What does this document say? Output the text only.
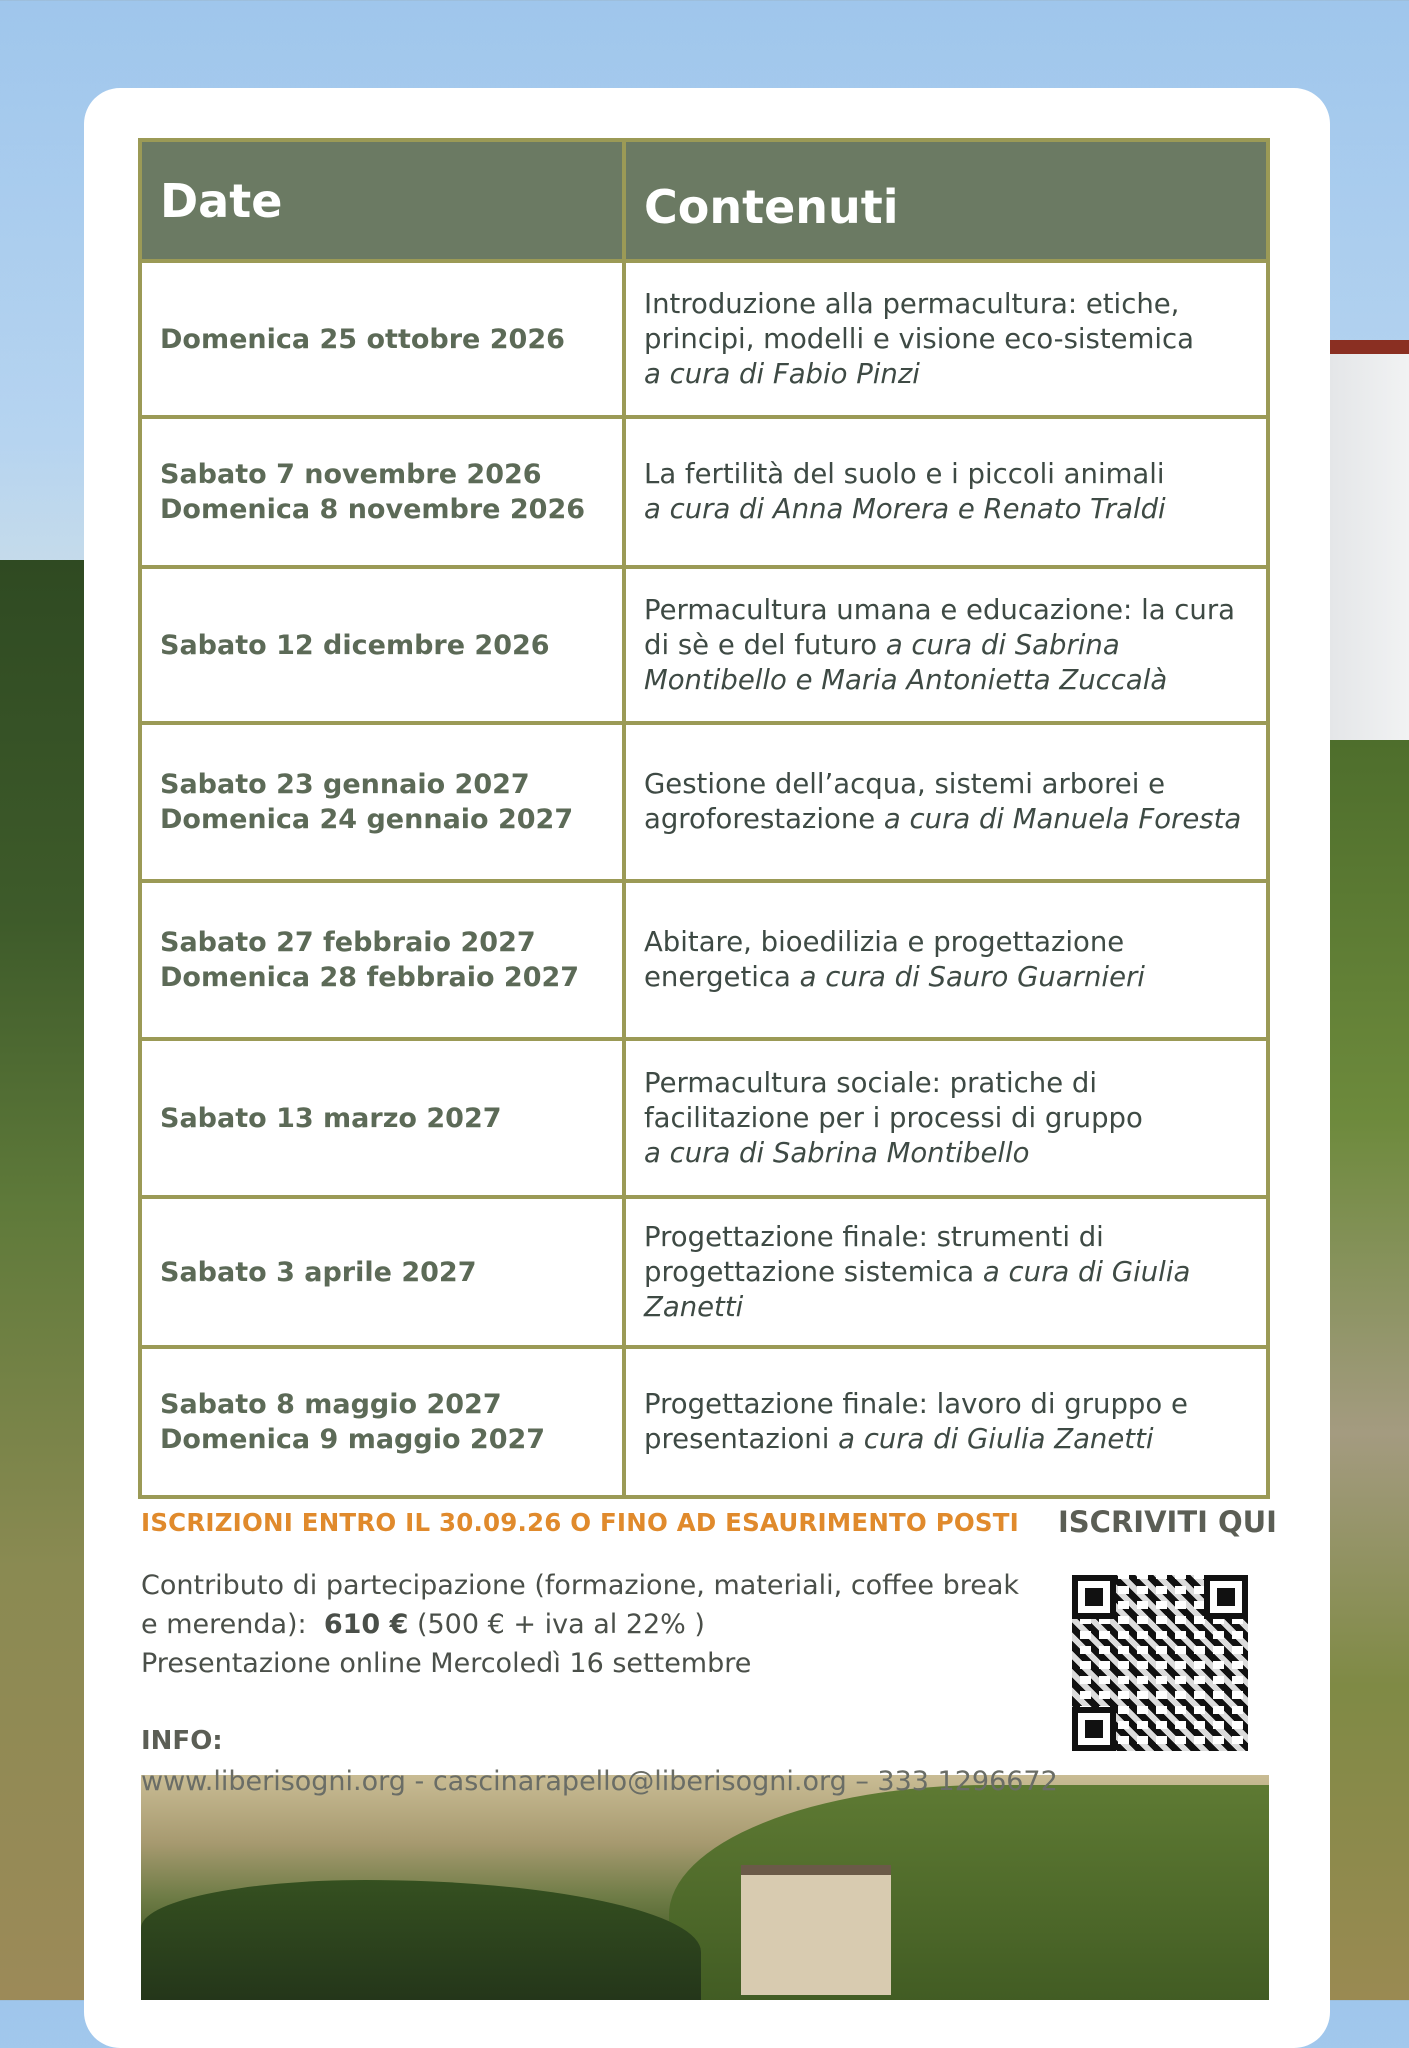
Date	Contenuti

Domenica 25 ottobre 2026	Introduzione alla permacultura: etiche,
principi, modelli e visione eco-sistemica
a cura di Fabio Pinzi

Sabato 7 novembre 2026
Domenica 8 novembre 2026	La fertilità del suolo e i piccoli animali
a cura di Anna Morera e Renato Traldi

Sabato 12 dicembre 2026	Permacultura umana e educazione: la cura
di sè e del futuro a cura di Sabrina
Montibello e Maria Antonietta Zuccalà

Sabato 23 gennaio 2027
Domenica 24 gennaio 2027	Gestione dell’acqua, sistemi arborei e
agroforestazione a cura di Manuela Foresta

Sabato 27 febbraio 2027
Domenica 28 febbraio 2027	Abitare, bioedilizia e progettazione
energetica a cura di Sauro Guarnieri

Sabato 13 marzo 2027	Permacultura sociale: pratiche di
facilitazione per i processi di gruppo
a cura di Sabrina Montibello

Sabato 3 aprile 2027	Progettazione finale: strumenti di
progettazione sistemica a cura di Giulia
Zanetti

Sabato 8 maggio 2027
Domenica 9 maggio 2027	Progettazione finale: lavoro di gruppo e
presentazioni a cura di Giulia Zanetti
ISCRIZIONI ENTRO IL 30.09.26 O FINO AD ESAURIMENTO POSTI ISCRIVITI QUI
Contributo di partecipazione (formazione, materiali, coffee break
e merenda): 610 € (500 € + iva al 22% )
Presentazione online Mercoledì 16 settembre
INFO:
www.liberisogni.org - cascinarapello@liberisogni.org – 333 1296672
